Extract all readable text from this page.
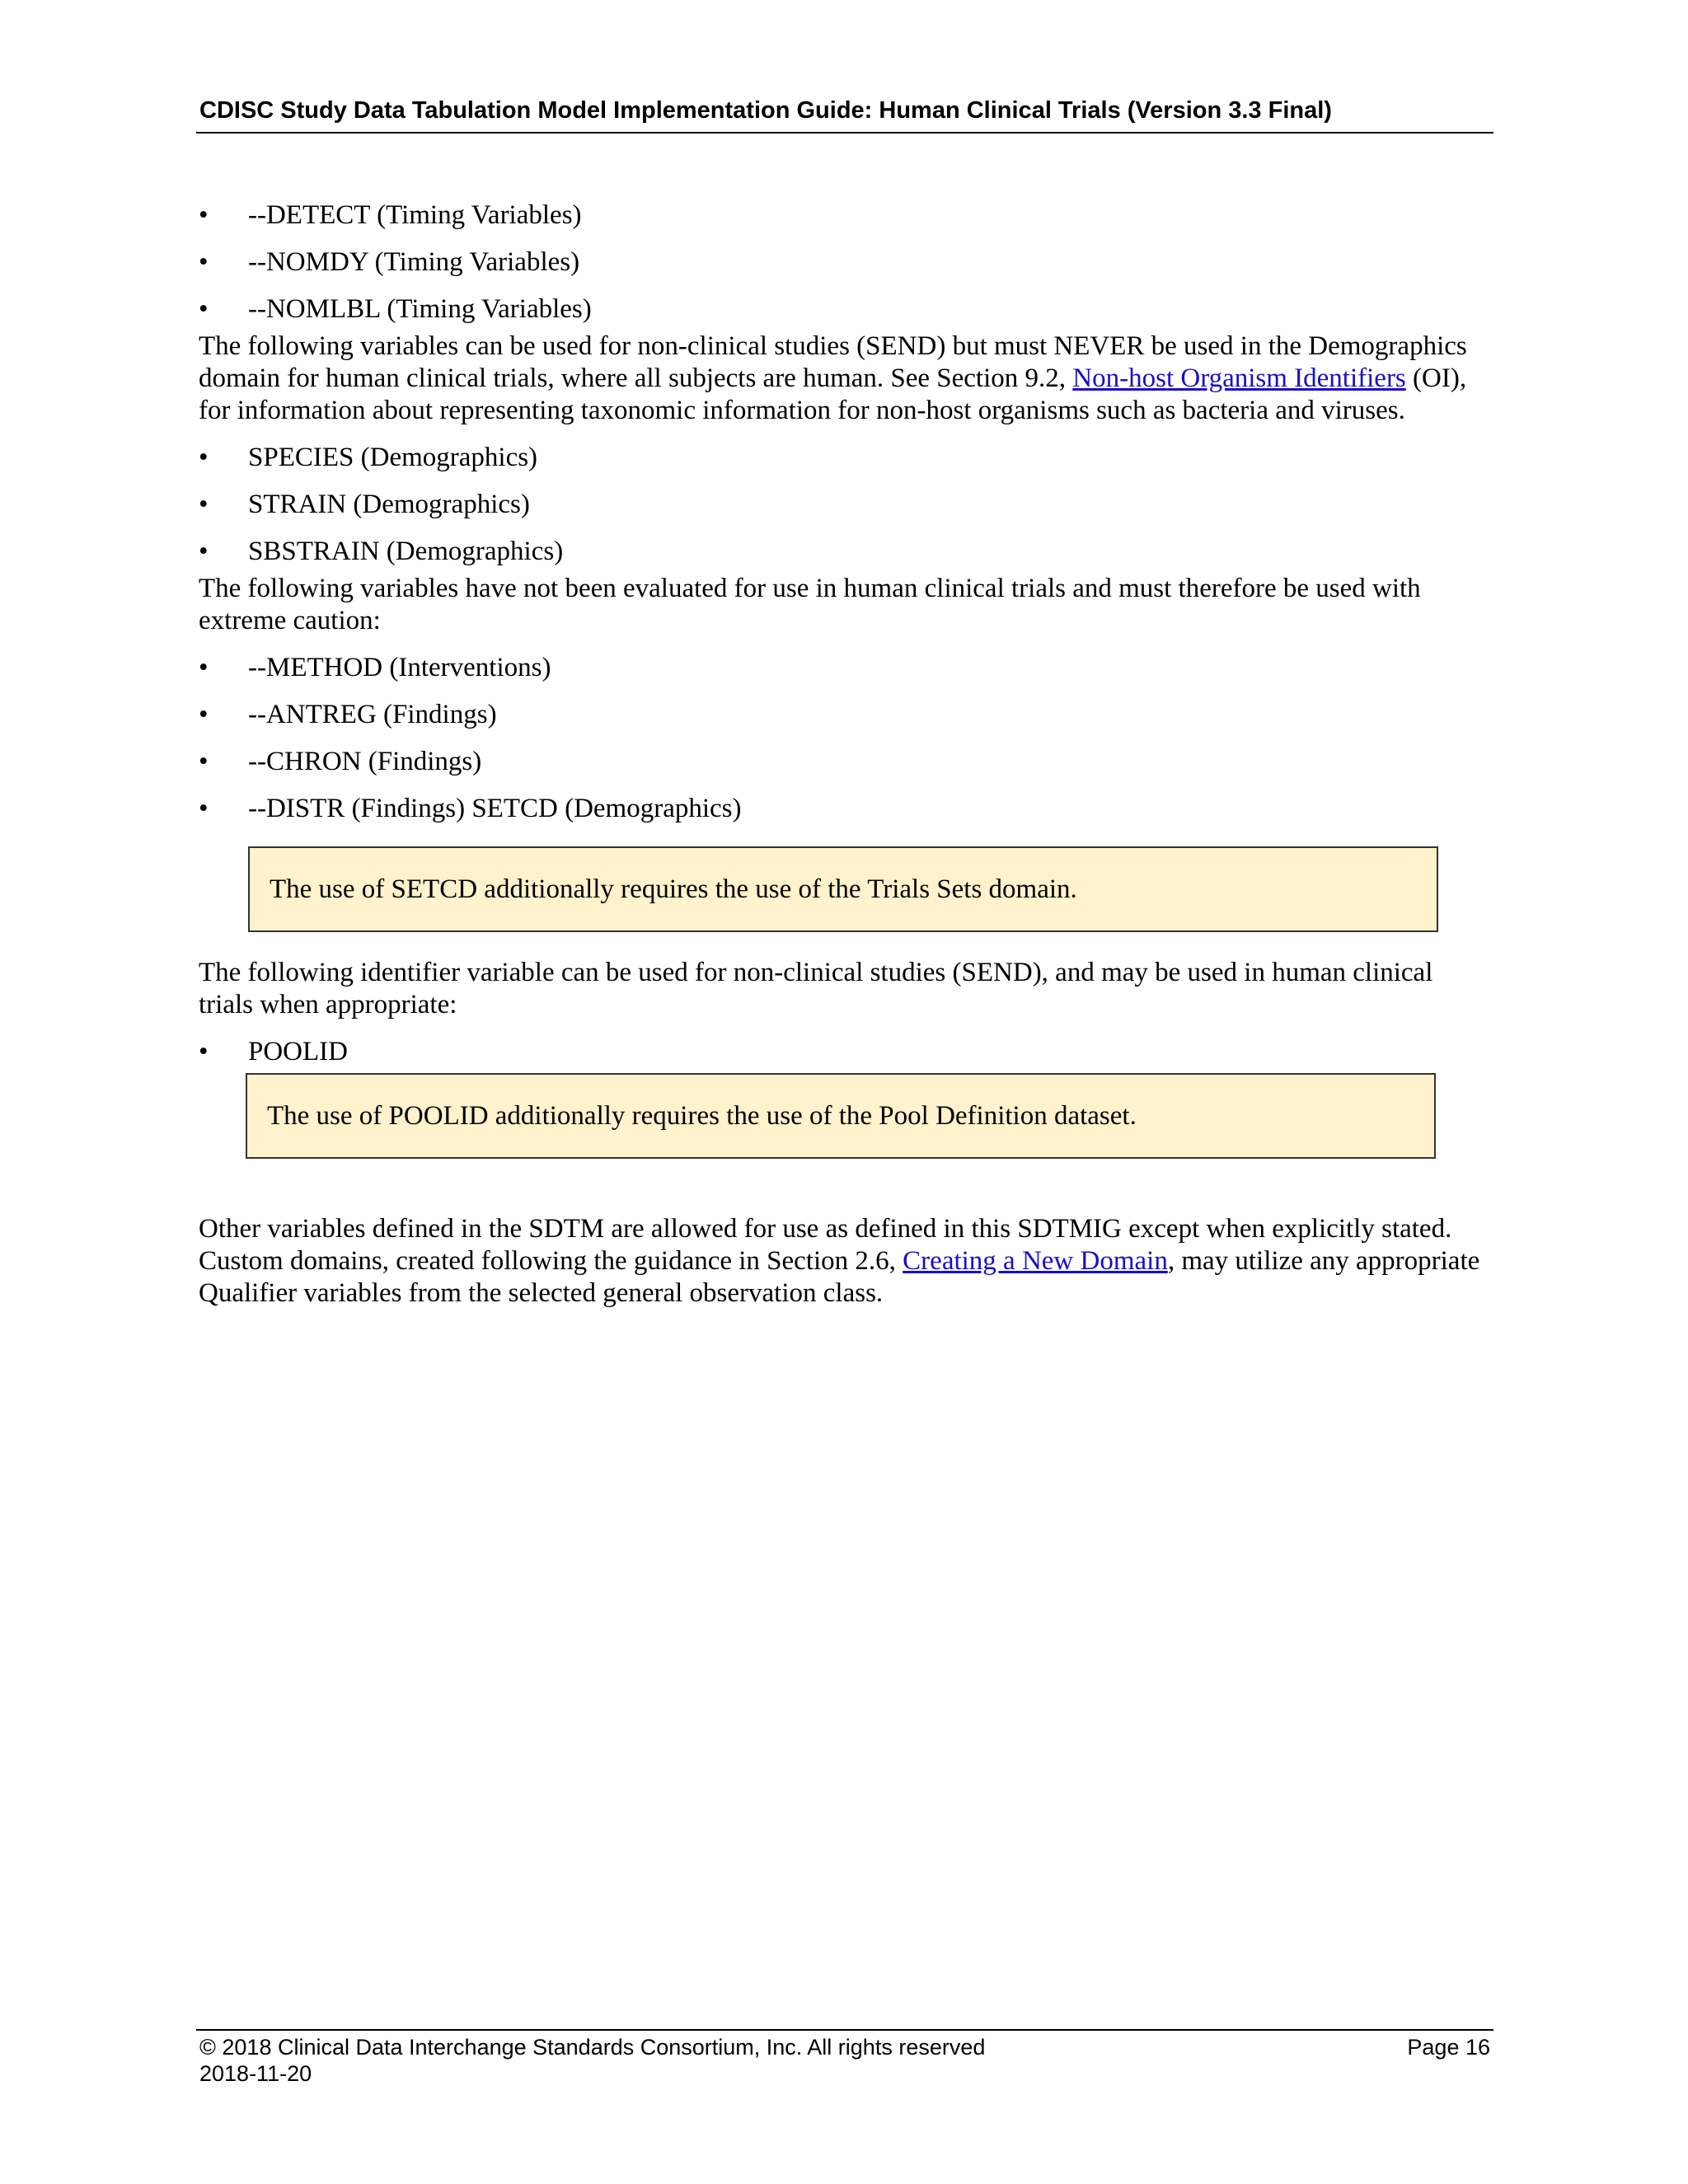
CDISC Study Data Tabulation Model Implementation Guide: Human Clinical Trials (Version 3.3 Final)
• --DETECT (Timing Variables)
• --NOMDY (Timing Variables)
• --NOMLBL (Timing Variables)

The following variables can be used for non-clinical studies (SEND) but must NEVER be used in the Demographics domain for human clinical trials, where all subjects are human. See Section 9.2, Non-host Organism Identifiers (OI), for information about representing taxonomic information for non-host organisms such as bacteria and viruses.

• SPECIES (Demographics)
• STRAIN (Demographics)
• SBSTRAIN (Demographics)

The following variables have not been evaluated for use in human clinical trials and must therefore be used with extreme caution:

• --METHOD (Interventions)
• --ANTREG (Findings)
• --CHRON (Findings)
• --DISTR (Findings) SETCD (Demographics)
The use of SETCD additionally requires the use of the Trials Sets domain.

The following identifier variable can be used for non-clinical studies (SEND), and may be used in human clinical trials when appropriate:

• POOLID
The use of POOLID additionally requires the use of the Pool Definition dataset.

Other variables defined in the SDTM are allowed for use as defined in this SDTMIG except when explicitly stated. Custom domains, created following the guidance in Section 2.6, Creating a New Domain, may utilize any appropriate Qualifier variables from the selected general observation class.

© 2018 Clinical Data Interchange Standards Consortium, Inc. All rights reserved
2018-11-20
Page 16
